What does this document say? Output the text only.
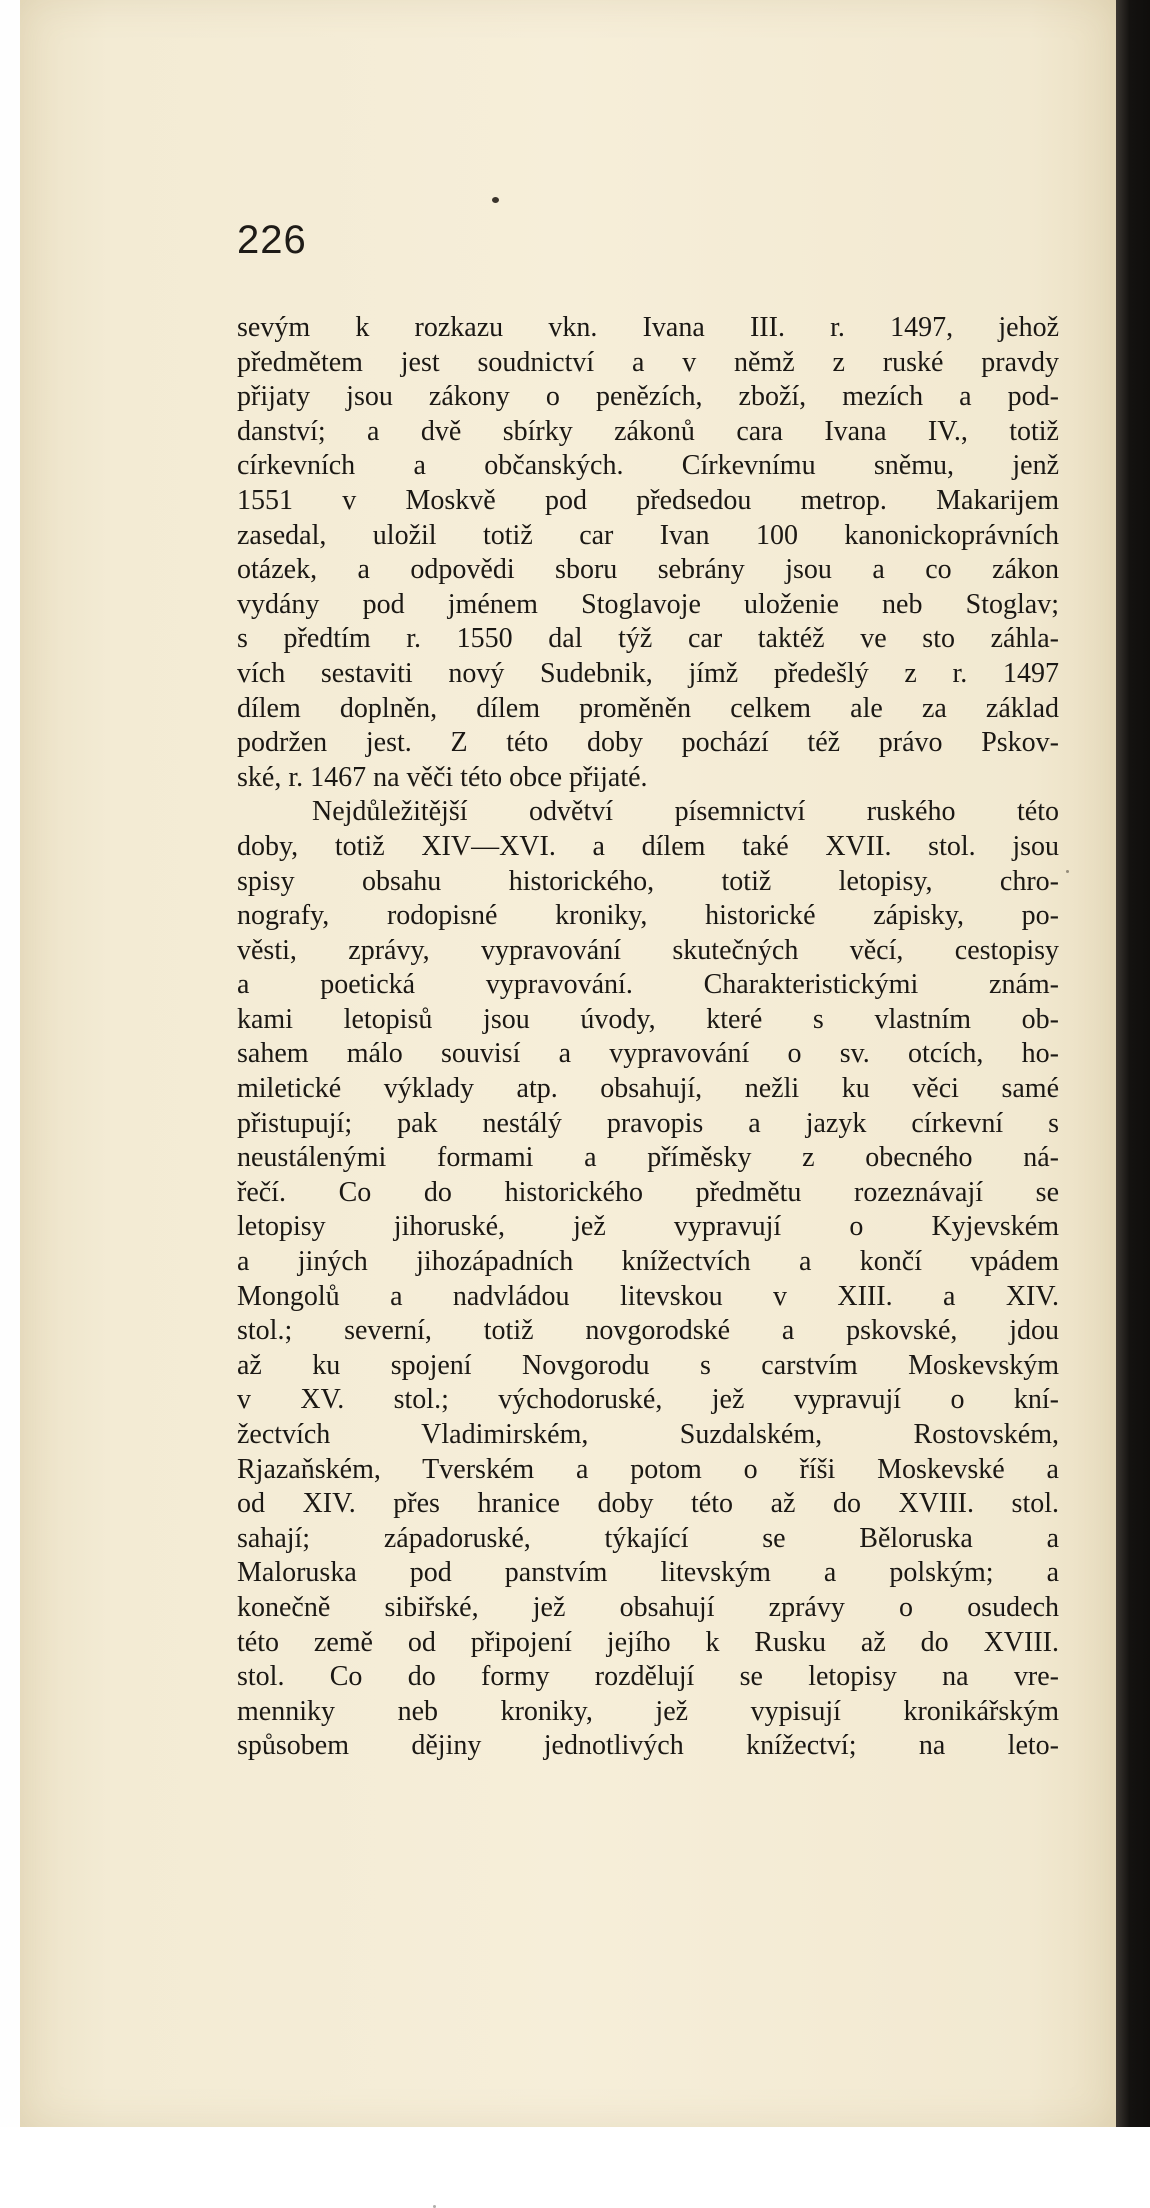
226
sevým k rozkazu vkn. Ivana III. r. 1497, jehož
předmětem jest soudnictví a v němž z ruské pravdy
přijaty jsou zákony o penězích, zboží, mezích a pod-
danství; a dvě sbírky zákonů cara Ivana IV., totiž
církevních a občanských. Církevnímu sněmu, jenž
1551 v Moskvě pod předsedou metrop. Makarijem
zasedal, uložil totiž car Ivan 100 kanonickoprávních
otázek, a odpovědi sboru sebrány jsou a co zákon
vydány pod jménem Stoglavoje uloženie neb Stoglav;
s předtím r. 1550 dal týž car taktéž ve sto záhla-
vích sestaviti nový Sudebnik, jímž předešlý z r. 1497
dílem doplněn, dílem proměněn celkem ale za základ
podržen jest. Z této doby pochází též právo Pskov-
ské, r. 1467 na věči této obce přijaté.
Nejdůležitější odvětví písemnictví ruského této
doby, totiž XIV—XVI. a dílem také XVII. stol. jsou
spisy obsahu historického, totiž letopisy, chro-
nografy, rodopisné kroniky, historické zápisky, po-
věsti, zprávy, vypravování skutečných věcí, cestopisy
a poetická vypravování. Charakteristickými znám-
kami letopisů jsou úvody, které s vlastním ob-
sahem málo souvisí a vypravování o sv. otcích, ho-
miletické výklady atp. obsahují, nežli ku věci samé
přistupují; pak nestálý pravopis a jazyk církevní s
neustálenými formami a příměsky z obecného ná-
řečí. Co do historického předmětu rozeznávají se
letopisy jihoruské, jež vypravují o Kyjevském
a jiných jihozápadních knížectvích a končí vpádem
Mongolů a nadvládou litevskou v XIII. a XIV.
stol.; severní, totiž novgorodské a pskovské, jdou
až ku spojení Novgorodu s carstvím Moskevským
v XV. stol.; východoruské, jež vypravují o kní-
žectvích Vladimirském, Suzdalském, Rostovském,
Rjazaňském, Tverském a potom o říši Moskevské a
od XIV. přes hranice doby této až do XVIII. stol.
sahají; západoruské, týkající se Běloruska a
Maloruska pod panstvím litevským a polským; a
konečně sibiřské, jež obsahují zprávy o osudech
této země od připojení jejího k Rusku až do XVIII.
stol. Co do formy rozdělují se letopisy na vre-
menniky neb kroniky, jež vypisují kronikářským
spůsobem dějiny jednotlivých knížectví; na leto-
